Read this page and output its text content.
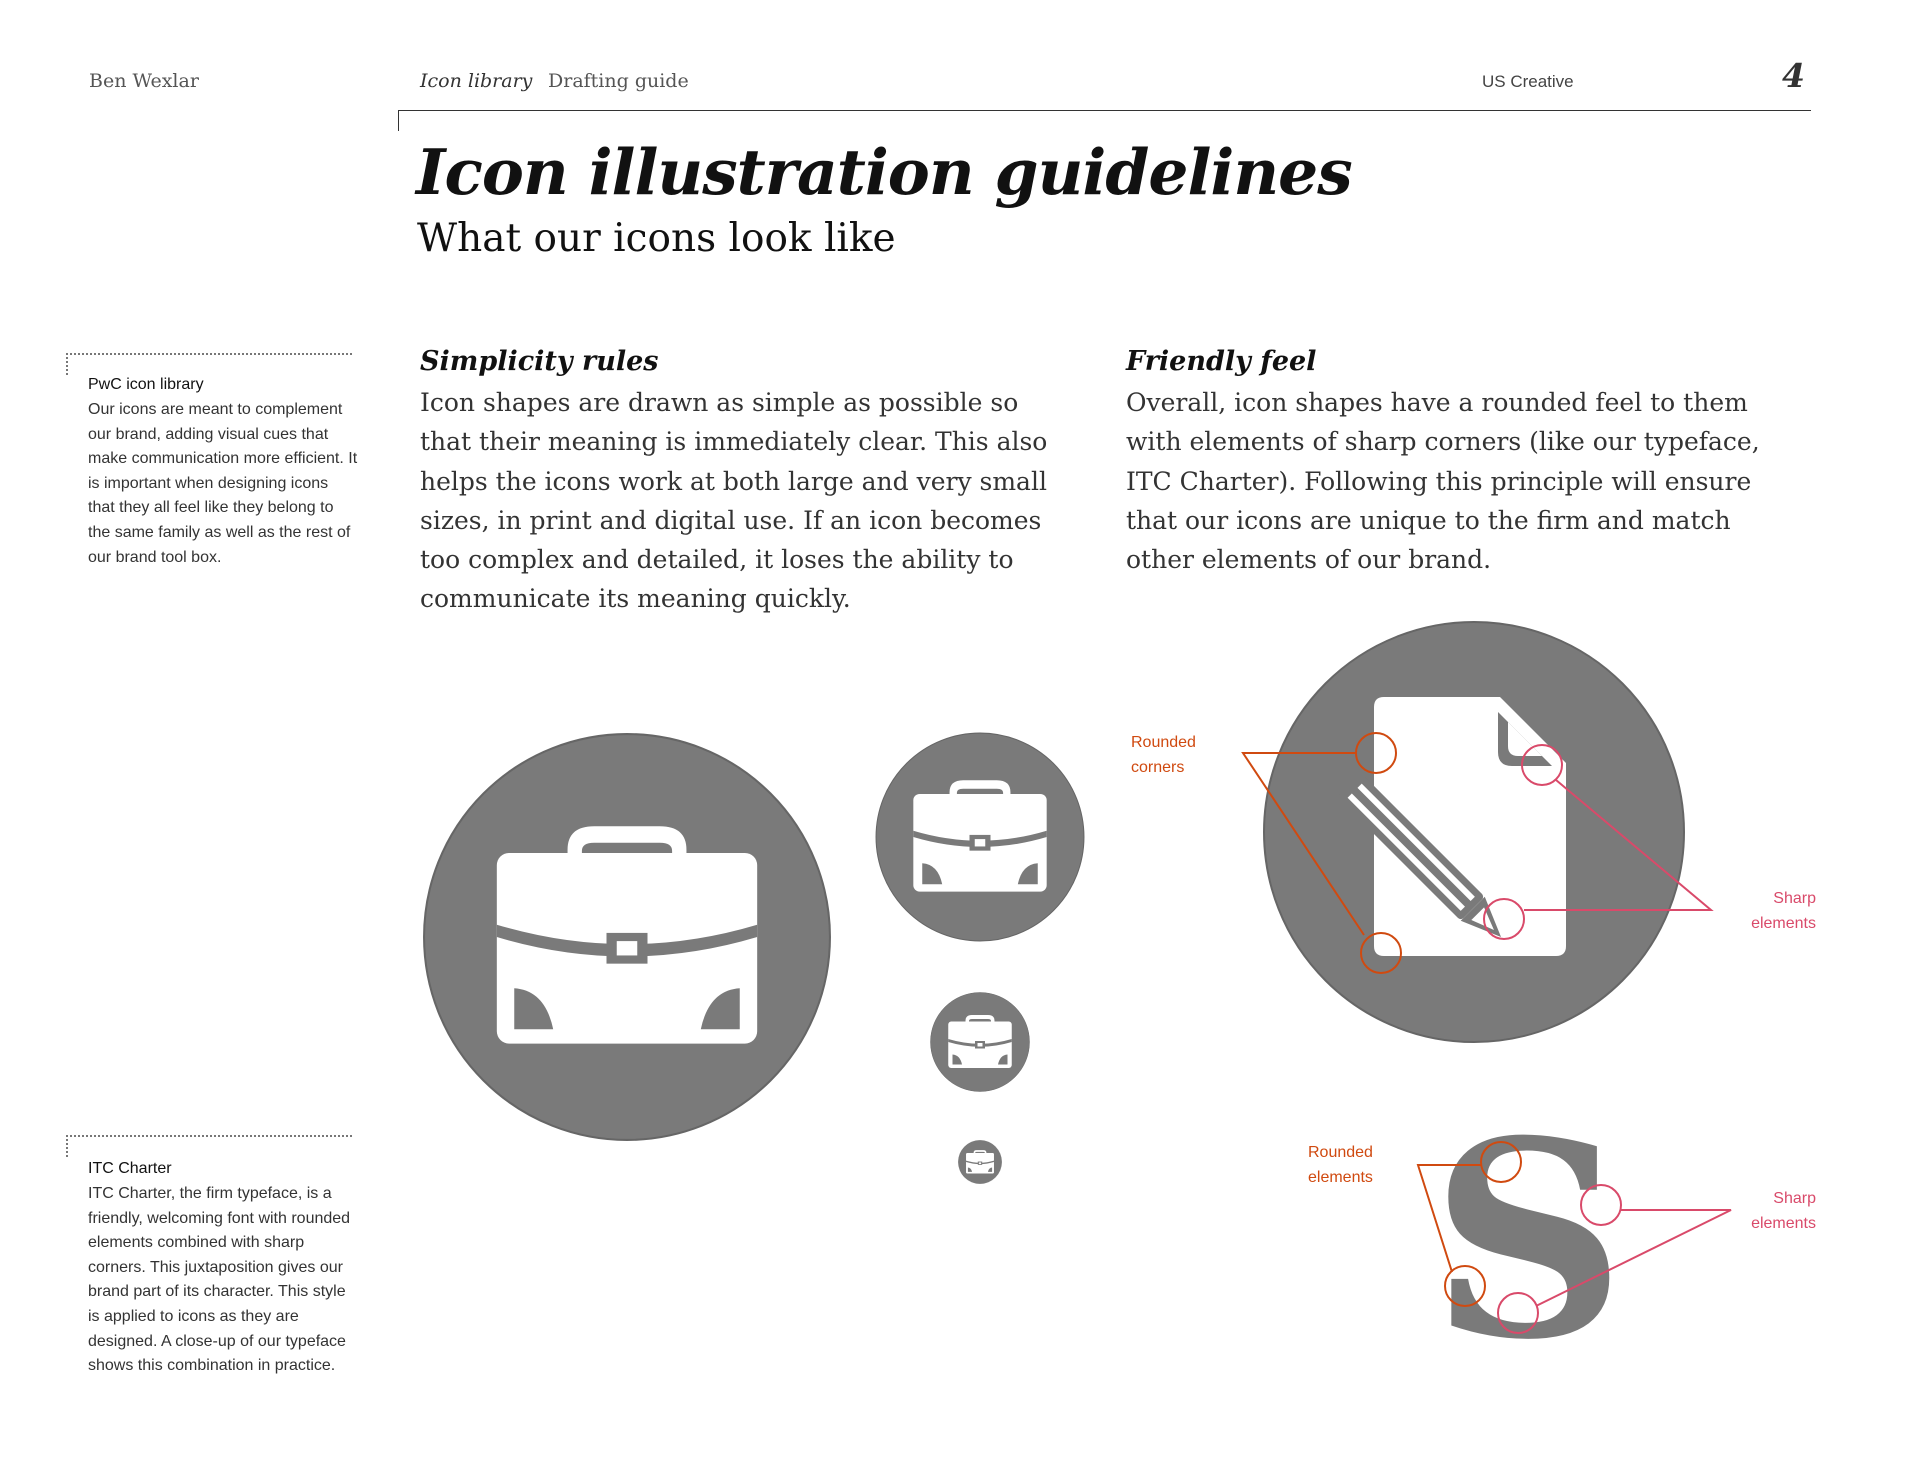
Ben Wexlar	Icon library Drafting guide	US Creative	4
Icon illustration guidelines
What our icons look like
Simplicity rules
Icon shapes are drawn as simple as possible so that their meaning is immediately clear. This also helps the icons work at both large and very small sizes, in print and digital use. If an icon becomes too complex and detailed, it loses the ability to communicate its meaning quickly.
Friendly feel
Overall, icon shapes have a rounded feel to them with elements of sharp corners (like our typeface, ITC Charter). Following this principle will ensure that our icons are unique to the firm and match other elements of our brand.
PwC icon library
Our icons are meant to complement our brand, adding visual cues that make communication more efficient. It is important when designing icons that they all feel like they belong to the same family as well as the rest of our brand tool box.
ITC Charter
ITC Charter, the firm typeface, is a friendly, welcoming font with rounded elements combined with sharp corners. This juxtaposition gives our brand part of its character. This style is applied to icons as they are designed. A close-up of our typeface shows this combination in practice.	S
Rounded corners
Sharp elements
Rounded elements
Sharp elements
